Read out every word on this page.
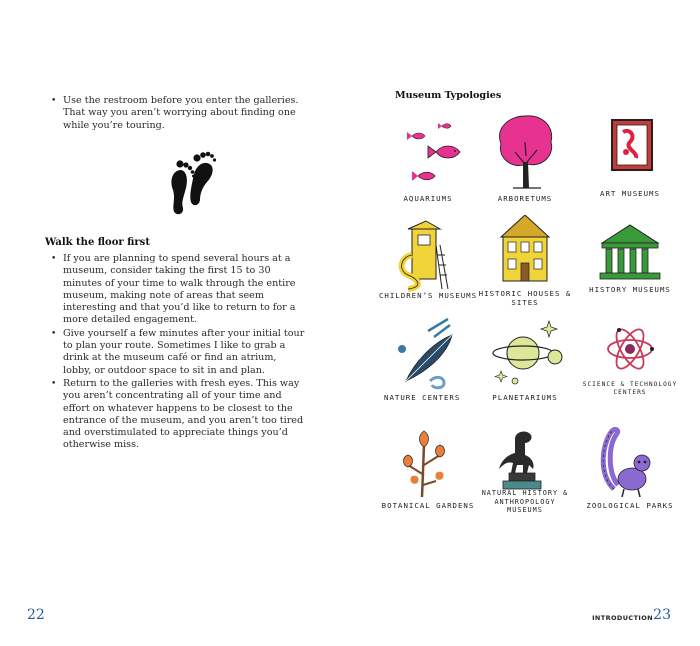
• Use the restroom before you enter the galleries. That way you aren’t worrying about finding one while you’re touring.
Walk the floor first
• If you are planning to spend several hours at a museum, consider taking the first 15 to 30 minutes of your time to walk through the entire museum, making note of areas that seem interesting and that you’d like to return to for a more detailed engagement.
• Give yourself a few minutes after your initial tour to plan your route. Sometimes I like to grab a drink at the museum café or find an atrium, lobby, or outdoor space to sit in and plan.
• Return to the galleries with fresh eyes. This way you aren’t concentrating all of your time and effort on whatever happens to be closest to the entrance of the museum, and you aren’t too tired and overstimulated to appreciate things you’d otherwise miss.
22
Museum Typologies
AQUARIUMS	ARBORETUMS
ART MUSEUMS
CHILDREN’S MUSEUMS HISTORIC HOUSES & SITES
HISTORY MUSEUMS
NATURE CENTERS	PLANETARIUMS
SCIENCE & TECHNOLOGY CENTERS
BOTANICAL GARDENS
NATURAL HISTORY & ANTHROPOLOGY MUSEUMS	ZOOLOGICAL PARKS
INTRODUCTION 23
